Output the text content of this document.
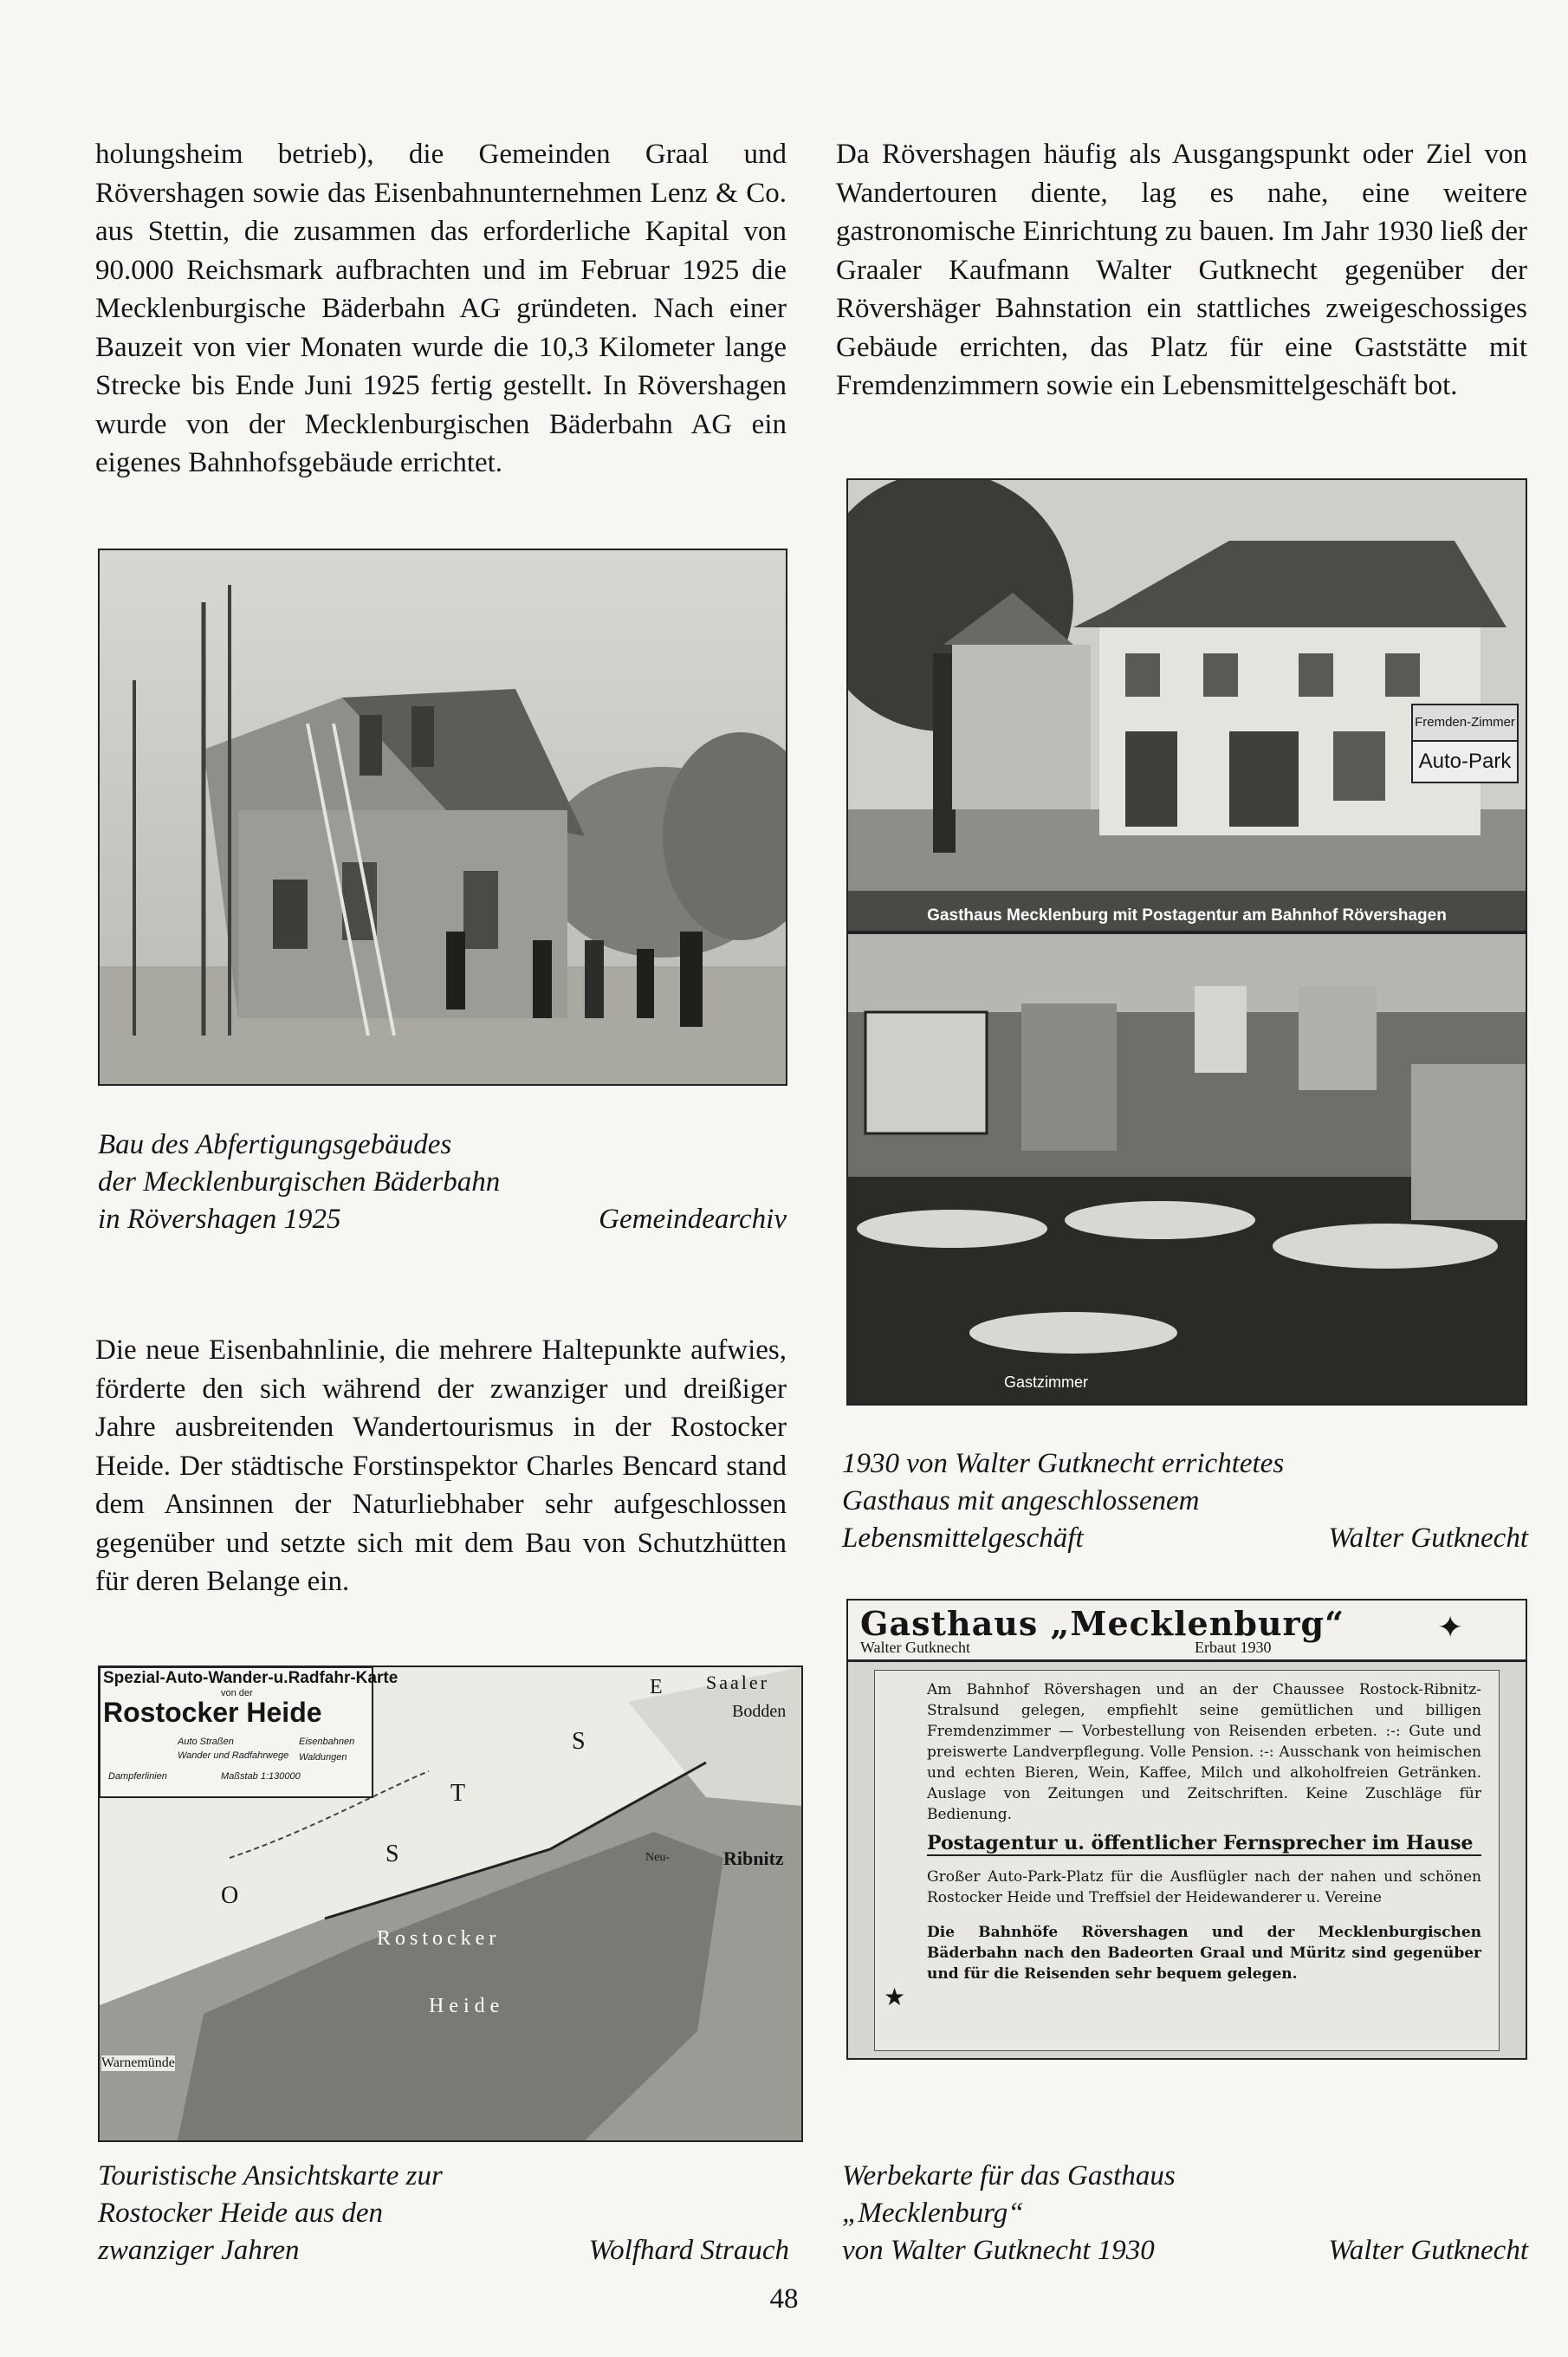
holungsheim betrieb), die Gemeinden Graal und Rövershagen sowie das Eisenbahnunternehmen Lenz & Co. aus Stettin, die zusammen das erforderliche Kapital von 90.000 Reichsmark aufbrachten und im Februar 1925 die Mecklenburgische Bäderbahn AG gründeten. Nach einer Bauzeit von vier Monaten wurde die 10,3 Kilometer lange Strecke bis Ende Juni 1925 fertig gestellt. In Rövershagen wurde von der Mecklenburgischen Bäderbahn AG ein eigenes Bahnhofsgebäude errichtet.

Bau des Abfertigungsgebäudes
der Mecklenburgischen Bäderbahn
in Rövershagen 1925	Gemeindearchiv

Die neue Eisenbahnlinie, die mehrere Haltepunkte aufwies, förderte den sich während der zwanziger und dreißiger Jahre ausbreitenden Wandertourismus in der Rostocker Heide. Der städtische Forstinspektor Charles Bencard stand dem Ansinnen der Naturliebhaber sehr aufgeschlossen gegenüber und setzte sich mit dem Bau von Schutzhütten für deren Belange ein.

Spezial-Auto-Wander-u.Radfahr-Karte
von der
Rostocker Heide
Auto Straßen	Eisenbahnen
Wander und Radfahrwege Waldungen
Dampferlinien	Maßstab 1:130000
Saaler
Bodden
Ribnitz
Neu-
Rostocker
Heide
Warnemünde
O
S
T
S
E
Touristische Ansichtskarte zur
Rostocker Heide aus den
zwanziger Jahren	Wolfhard Strauch

Da Rövershagen häufig als Ausgangspunkt oder Ziel von Wandertouren diente, lag es nahe, eine weitere gastronomische Einrichtung zu bauen. Im Jahr 1930 ließ der Graaler Kaufmann Walter Gutknecht gegenüber der Rövershäger Bahnstation ein stattliches zweigeschossiges Gebäude errichten, das Platz für eine Gaststätte mit Fremdenzimmern sowie ein Lebensmittelgeschäft bot.

Fremden-Zimmer
Auto-Park
Gasthaus Mecklenburg mit Postagentur am Bahnhof Rövershagen
Gastzimmer
1930 von Walter Gutknecht errichtetes
Gasthaus mit angeschlossenem
Lebensmittelgeschäft	Walter Gutknecht
Gasthaus „Mecklenburg“
Walter Gutknecht	Erbaut 1930
✦
Am Bahnhof Rövershagen und an der Chaussee Rostock-Ribnitz-Stralsund gelegen, empfiehlt seine gemütlichen und billigen Fremdenzimmer — Vorbestellung von Reisenden erbeten. :-: Gute und preiswerte Landverpflegung. Volle Pension. :-: Ausschank von heimischen und echten Bieren, Wein, Kaffee, Milch und alkoholfreien Getränken. Auslage von Zeitungen und Zeitschriften. Keine Zuschläge für Bedienung.
Postagentur u. öffentlicher Fernsprecher im Hause
Großer Auto-Park-Platz für die Ausflügler nach der nahen und schönen Rostocker Heide und Treffsiel der Heidewanderer u. Vereine
Die Bahnhöfe Rövershagen und der Mecklenburgischen Bäderbahn nach den Badeorten Graal und Müritz sind gegenüber und für die Reisenden sehr bequem gelegen.
★
Werbekarte für das Gasthaus
„Mecklenburg“
von Walter Gutknecht 1930	Walter Gutknecht
48
